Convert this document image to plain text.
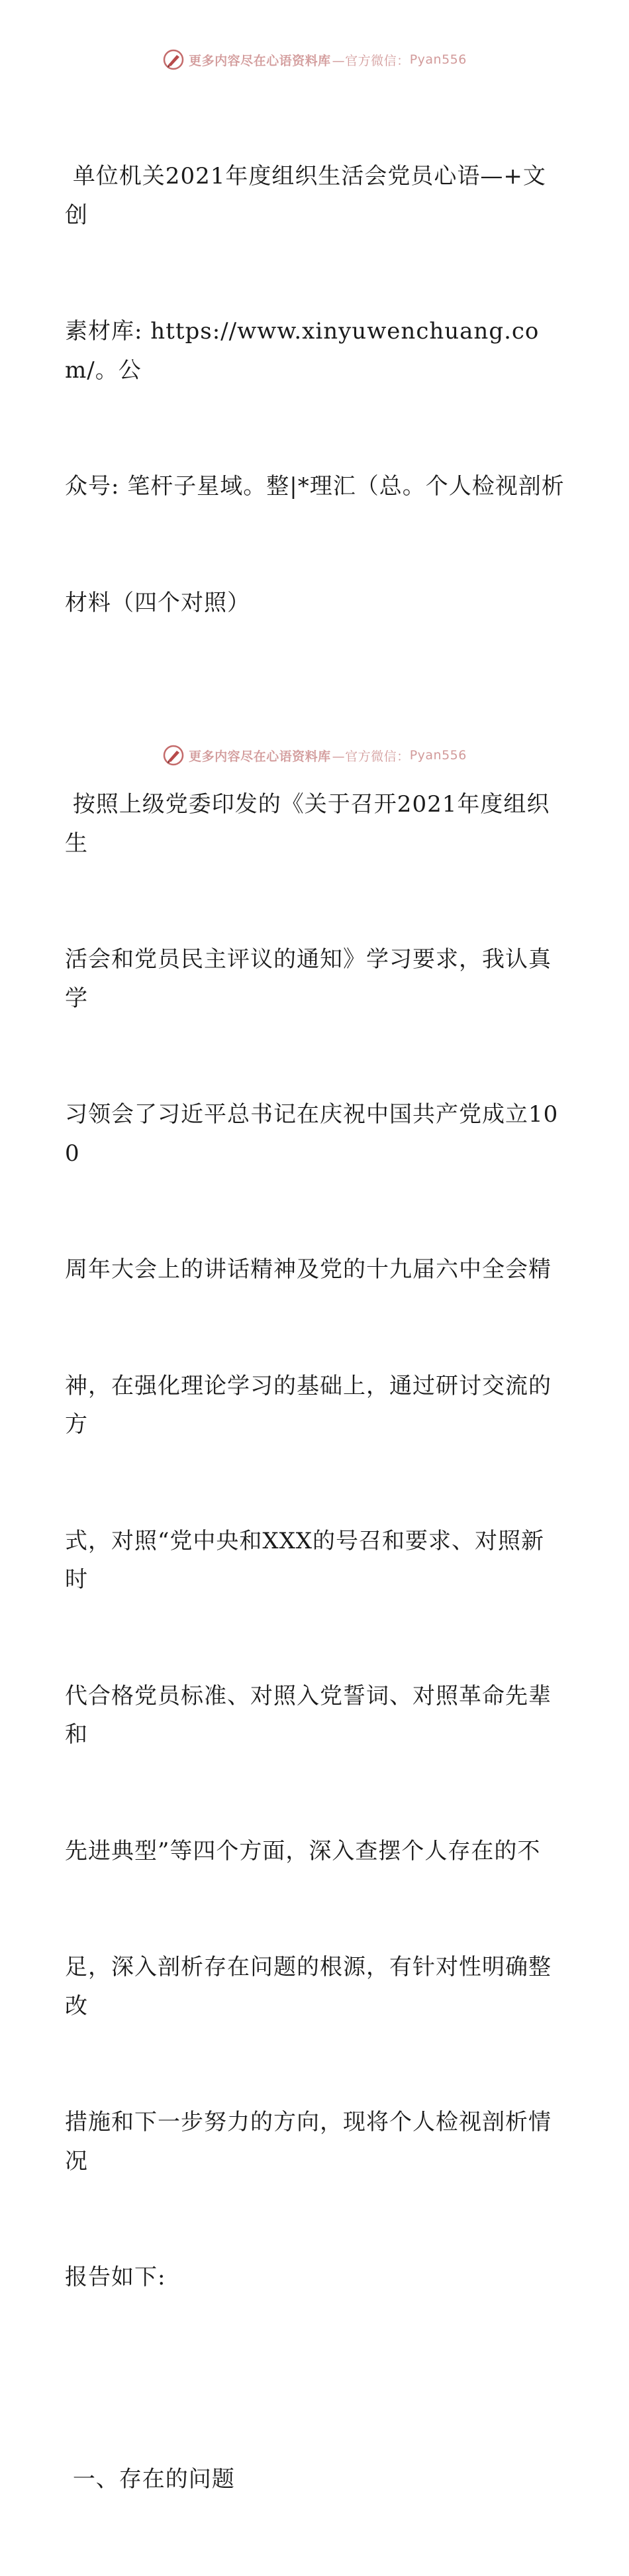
更多内容尽在心语资料库 —官方微信： Pyan556

单位机关2021年度组织生活会党员心语—+文创

素材库: https://www.xinyuwenchuang.com/。公

众号: 笔杆子星域。整|*理汇（总。个人检视剖析

材料（四个对照）

按照上级党委印发的《关于召开2021年度组织生

活会和党员民主评议的通知》学习要求，我认真学

习领会了习近平总书记在庆祝中国共产党成立100

周年大会上的讲话精神及党的十九届六中全会精

神，在强化理论学习的基础上，通过研讨交流的方

式，对照“党中央和XXX的号召和要求、对照新时

代合格党员标准、对照入党誓词、对照革命先辈和

先进典型”等四个方面，深入查摆个人存在的不

足，深入剖析存在问题的根源，有针对性明确整改

措施和下一步努力的方向，现将个人检视剖析情况

报告如下:

一、存在的问题

更多内容尽在心语资料库 —官方微信： Pyan556
